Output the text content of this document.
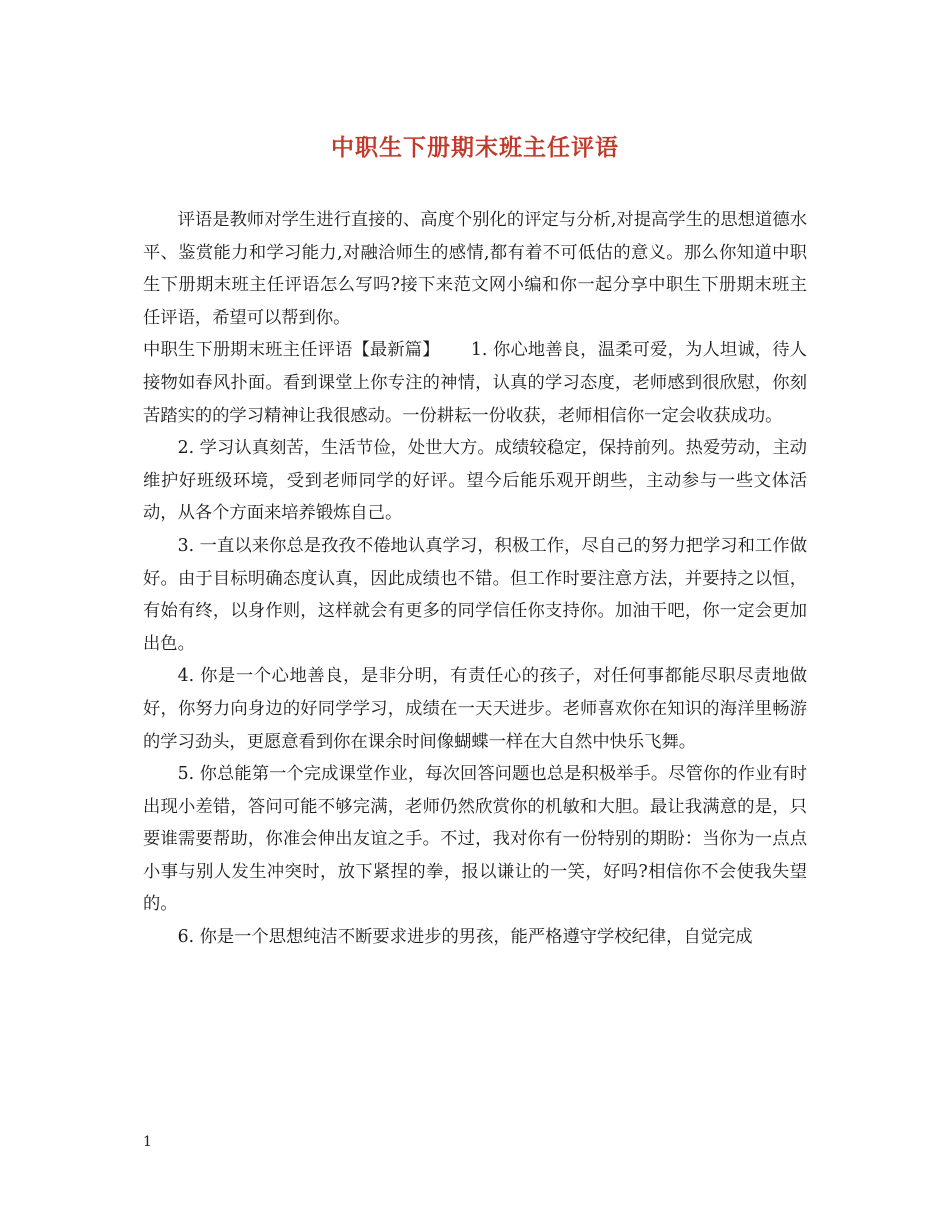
中职生下册期末班主任评语

评语是教师对学生进行直接的、高度个别化的评定与分析,对提高学生的思想道德水平、鉴赏能力和学习能力,对融洽师生的感情,都有着不可低估的意义。那么你知道中职生下册期末班主任评语怎么写吗?接下来范文网小编和你一起分享中职生下册期末班主任评语，希望可以帮到你。

中职生下册期末班主任评语【最新篇】 1. 你心地善良，温柔可爱，为人坦诚，待人接物如春风扑面。看到课堂上你专注的神情，认真的学习态度，老师感到很欣慰，你刻苦踏实的的学习精神让我很感动。一份耕耘一份收获，老师相信你一定会收获成功。

2. 学习认真刻苦，生活节俭，处世大方。成绩较稳定，保持前列。热爱劳动，主动维护好班级环境，受到老师同学的好评。望今后能乐观开朗些，主动参与一些文体活动，从各个方面来培养锻炼自己。

3. 一直以来你总是孜孜不倦地认真学习，积极工作，尽自己的努力把学习和工作做好。由于目标明确态度认真，因此成绩也不错。但工作时要注意方法，并要持之以恒，有始有终，以身作则，这样就会有更多的同学信任你支持你。加油干吧，你一定会更加出色。

4. 你是一个心地善良，是非分明，有责任心的孩子，对任何事都能尽职尽责地做好，你努力向身边的好同学学习，成绩在一天天进步。老师喜欢你在知识的海洋里畅游的学习劲头，更愿意看到你在课余时间像蝴蝶一样在大自然中快乐飞舞。

5. 你总能第一个完成课堂作业，每次回答问题也总是积极举手。尽管你的作业有时出现小差错，答问可能不够完满，老师仍然欣赏你的机敏和大胆。最让我满意的是，只要谁需要帮助，你准会伸出友谊之手。不过，我对你有一份特别的期盼：当你为一点点小事与别人发生冲突时，放下紧捏的拳，报以谦让的一笑，好吗?相信你不会使我失望的。

6. 你是一个思想纯洁不断要求进步的男孩，能严格遵守学校纪律，自觉完成

1
